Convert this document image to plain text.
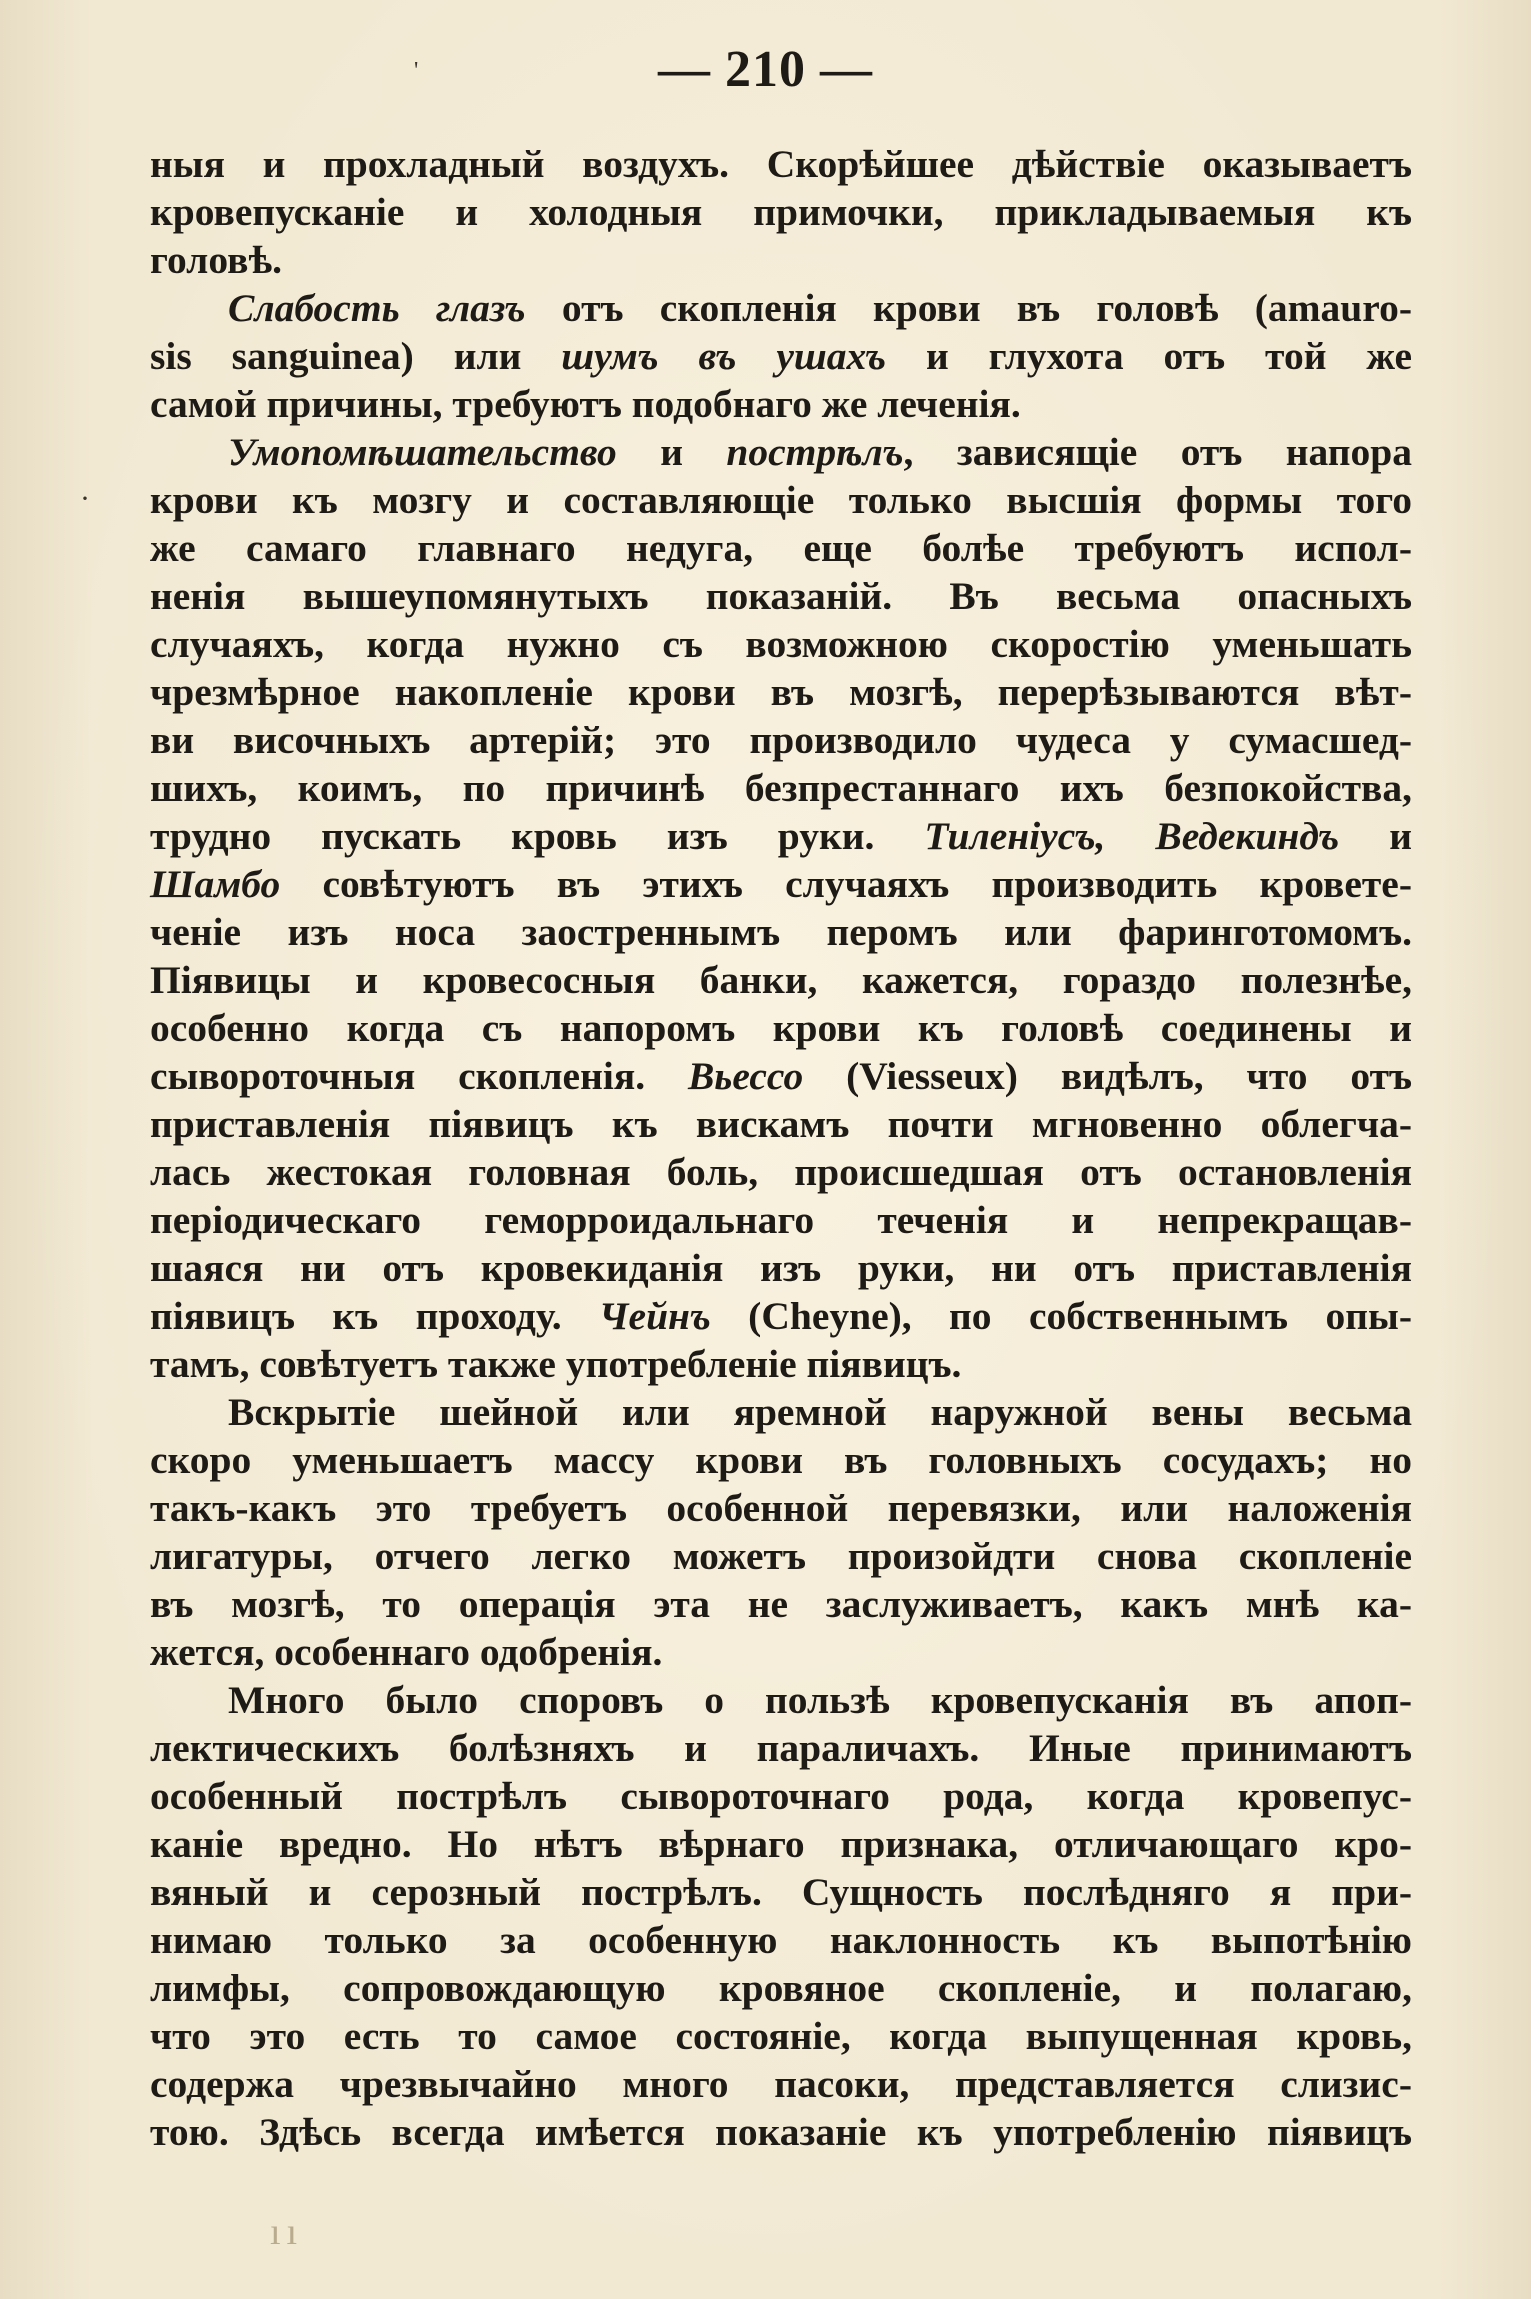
'
·
— 210 —
ныя и прохладный воздухъ. Скорѣйшее дѣйствіе оказываетъ
кровепусканіе и холодныя примочки, прикладываемыя къ
головѣ.
Слабость глазъ отъ скопленія крови въ головѣ (amauro-
sis sanguinea) или шумъ въ ушахъ и глухота отъ той же
самой причины, требуютъ подобнаго же леченія.
Умопомѣшательство и пострѣлъ, зависящіе отъ напора
крови къ мозгу и составляющіе только высшія формы того
же самаго главнаго недуга, еще болѣе требуютъ испол-
ненія вышеупомянутыхъ показаній. Въ весьма опасныхъ
случаяхъ, когда нужно съ возможною скоростію уменьшать
чрезмѣрное накопленіе крови въ мозгѣ, перерѣзываются вѣт-
ви височныхъ артерій; это производило чудеса у сумасшед-
шихъ, коимъ, по причинѣ безпрестаннаго ихъ безпокойства,
трудно пускать кровь изъ руки. Тиленіусъ, Ведекиндъ и
Шамбо совѣтуютъ въ этихъ случаяхъ производить кровете-
ченіе изъ носа заостреннымъ перомъ или фаринготомомъ.
Піявицы и кровесосныя банки, кажется, гораздо полезнѣе,
особенно когда съ напоромъ крови къ головѣ соединены и
сывороточныя скопленія. Вьессо (Viesseux) видѣлъ, что отъ
приставленія піявицъ къ вискамъ почти мгновенно облегча-
лась жестокая головная боль, происшедшая отъ остановленія
періодическаго геморроидальнаго теченія и непрекращав-
шаяся ни отъ кровекиданія изъ руки, ни отъ приставленія
піявицъ къ проходу. Чейнъ (Cheyne), по собственнымъ опы-
тамъ, совѣтуетъ также употребленіе піявицъ.
Вскрытіе шейной или яремной наружной вены весьма
скоро уменьшаетъ массу крови въ головныхъ сосудахъ; но
такъ-какъ это требуетъ особенной перевязки, или наложенія
лигатуры, отчего легко можетъ произойдти снова скопленіе
въ мозгѣ, то операція эта не заслуживаетъ, какъ мнѣ ка-
жется, особеннаго одобренія.
Много было споровъ о пользѣ кровепусканія въ апоп-
лектическихъ болѣзняхъ и параличахъ. Иные принимаютъ
особенный пострѣлъ сывороточнаго рода, когда кровепус-
каніе вредно. Но нѣтъ вѣрнаго признака, отличающаго кро-
вяный и серозный пострѣлъ. Сущность послѣдняго я при-
нимаю только за особенную наклонность къ выпотѣнію
лимфы, сопровождающую кровяное скопленіе, и полагаю,
что это есть то самое состояніе, когда выпущенная кровь,
содержа чрезвычайно много пасоки, представляется слизис-
тою. Здѣсь всегда имѣется показаніе къ употребленію піявицъ
ıı
